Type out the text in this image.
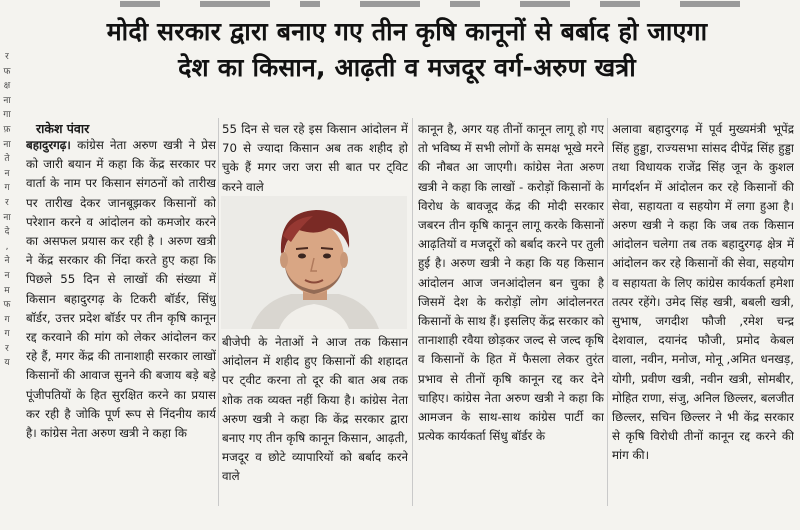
र
फ
क्ष
ना
गा
फ़
ना
ते
न
ग
र
ना
दे
,
ने
न
म
फ
ग
ग
र
य
मोदी सरकार द्वारा बनाए गए तीन कृषि कानूनों से बर्बाद हो जाएगा
देश का किसान, आढ़ती व मजदूर वर्ग-अरुण खत्री
राकेश पंवार

बहादुरगढ़। कांग्रेस नेता अरुण खत्री ने प्रेस को जारी बयान में कहा कि केंद्र सरकार पर वार्ता के नाम पर किसान संगठनों को तारीख पर तारीख देकर जानबूझकर किसानों को परेशान करने व आंदोलन को कमजोर करने का असफल प्रयास कर रही है । अरुण खत्री ने केंद्र सरकार की निंदा करते हुए कहा कि पिछले 55 दिन से लाखों की संख्या में किसान बहादुरगढ़ के टिकरी बॉर्डर, सिंधु बॉर्डर, उत्तर प्रदेश बॉर्डर पर तीन कृषि कानून रद्द करवाने की मांग को लेकर आंदोलन कर रहे हैं, मगर केंद्र की तानाशाही सरकार लाखों किसानों की आवाज सुनने की बजाय बड़े बड़े पूंजीपतियों के हित सुरक्षित करने का प्रयास कर रही है जोकि पूर्ण रूप से निंदनीय कार्य है। कांग्रेस नेता अरुण खत्री ने कहा कि

55 दिन से चल रहे इस किसान आंदोलन में 70 से ज्यादा किसान अब तक शहीद हो चुके हैं मगर जरा जरा सी बात पर ट्विट करने वाले

बीजेपी के नेताओं ने आज तक किसान आंदोलन में शहीद हुए किसानों की शहादत पर ट्वीट करना तो दूर की बात अब तक शोक तक व्यक्त नहीं किया है। कांग्रेस नेता अरुण खत्री ने कहा कि केंद्र सरकार द्वारा बनाए गए तीन कृषि कानून किसान, आढ़ती, मजदूर व छोटे व्यापारियों को बर्बाद करने वाले

कानून है, अगर यह तीनों कानून लागू हो गए तो भविष्य में सभी लोगों के समक्ष भूखे मरने की नौबत आ जाएगी। कांग्रेस नेता अरुण खत्री ने कहा कि लाखों - करोड़ों किसानों के विरोध के बावजूद केंद्र की मोदी सरकार जबरन तीन कृषि कानून लागू करके किसानों आढ़तियों व मजदूरों को बर्बाद करने पर तुली हुई है। अरुण खत्री ने कहा कि यह किसान आंदोलन आज जनआंदोलन बन चुका है जिसमें देश के करोड़ों लोग आंदोलनरत किसानों के साथ हैं। इसलिए केंद्र सरकार को तानाशाही रवैया छोड़कर जल्द से जल्द कृषि व किसानों के हित में फैसला लेकर तुरंत प्रभाव से तीनों कृषि कानून रद्द कर देने चाहिए। कांग्रेस नेता अरुण खत्री ने कहा कि आमजन के साथ-साथ कांग्रेस पार्टी का प्रत्येक कार्यकर्ता सिंधु बॉर्डर के

अलावा बहादुरगढ़ में पूर्व मुख्यमंत्री भूपेंद्र सिंह हुड्डा, राज्यसभा सांसद दीपेंद्र सिंह हुड्डा तथा विधायक राजेंद्र सिंह जून के कुशल मार्गदर्शन में आंदोलन कर रहे किसानों की सेवा, सहायता व सहयोग में लगा हुआ है। अरुण खत्री ने कहा कि जब तक किसान आंदोलन चलेगा तब तक बहादुरगढ़ क्षेत्र में आंदोलन कर रहे किसानों की सेवा, सहयोग व सहायता के लिए कांग्रेस कार्यकर्ता हमेशा तत्पर रहेंगे। उमेद सिंह खत्री, बबली खत्री, सुभाष, जगदीश फौजी ,रमेश चन्द्र देशवाल, दयानंद फौजी, प्रमोद केबल वाला, नवीन, मनोज, मोनू ,अमित धनखड़, योगी, प्रवीण खत्री, नवीन खत्री, सोमबीर, मोहित राणा, संजु, अनिल छिल्लर, बलजीत छिल्लर, सचिन छिल्लर ने भी केंद्र सरकार से कृषि विरोधी तीनों कानून रद्द करने की मांग की।
